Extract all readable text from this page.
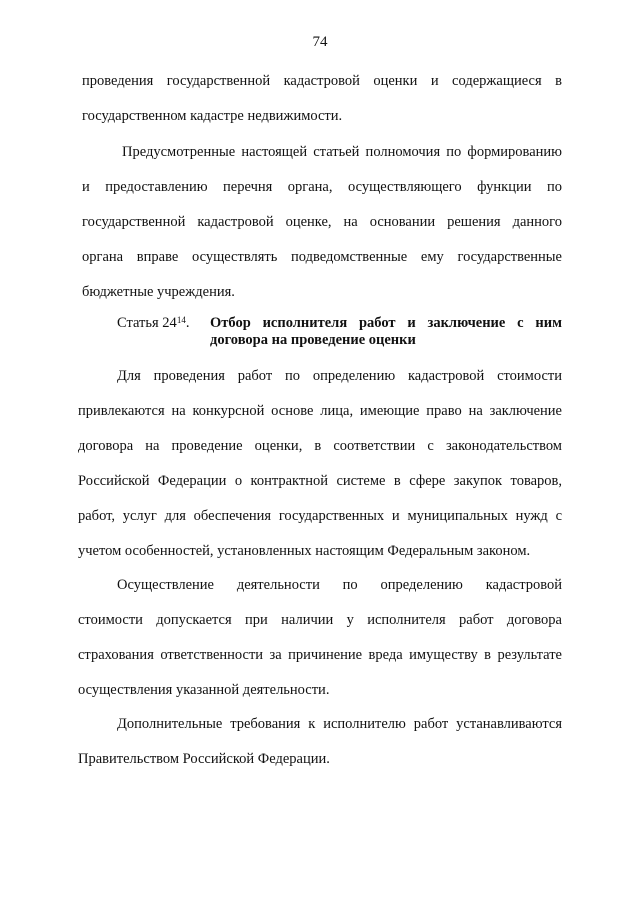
74
проведения государственной кадастровой оценки и содержащиеся в
государственном кадастре недвижимости.
Предусмотренные настоящей статьей полномочия по формированию
и предоставлению перечня органа, осуществляющего функции по
государственной кадастровой оценке, на основании решения данного
органа вправе осуществлять подведомственные ему государственные
бюджетные учреждения.
Статья $24^{14}$. Отбор исполнителя работ и заключение с ним
договора на проведение оценки
Для проведения работ по определению кадастровой стоимости
привлекаются на конкурсной основе лица, имеющие право на заключение
договора на проведение оценки, в соответствии с законодательством
Российской Федерации о контрактной системе в сфере закупок товаров,
работ, услуг для обеспечения государственных и муниципальных нужд с
учетом особенностей, установленных настоящим Федеральным законом.
Осуществление деятельности по определению кадастровой
стоимости допускается при наличии у исполнителя работ договора
страхования ответственности за причинение вреда имуществу в результате
осуществления указанной деятельности.
Дополнительные требования к исполнителю работ устанавливаются
Правительством Российской Федерации.
